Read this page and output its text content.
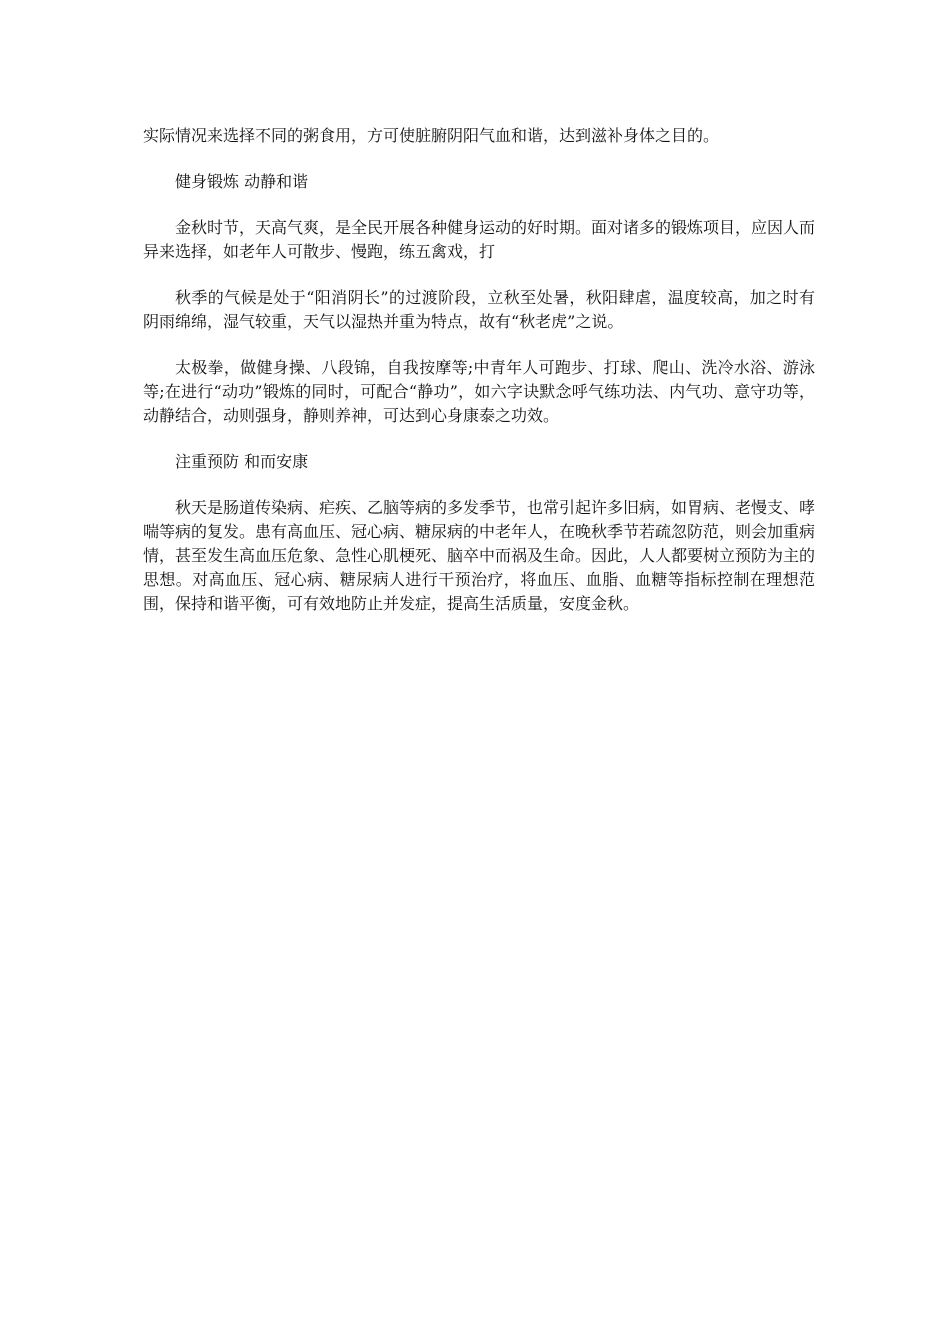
实际情况来选择不同的粥食用，方可使脏腑阴阳气血和谐，达到滋补身体之目的。

健身锻炼 动静和谐

金秋时节，天高气爽，是全民开展各种健身运动的好时期。面对诸多的锻炼项目，应因人而异来选择，如老年人可散步、慢跑，练五禽戏，打

秋季的气候是处于“阳消阴长”的过渡阶段，立秋至处暑，秋阳肆虐，温度较高，加之时有阴雨绵绵，湿气较重，天气以湿热并重为特点，故有“秋老虎”之说。

太极拳，做健身操、八段锦，自我按摩等;中青年人可跑步、打球、爬山、洗冷水浴、游泳等;在进行“动功”锻炼的同时，可配合“静功”，如六字诀默念呼气练功法、内气功、意守功等，动静结合，动则强身，静则养神，可达到心身康泰之功效。

注重预防 和而安康

秋天是肠道传染病、疟疾、乙脑等病的多发季节，也常引起许多旧病，如胃病、老慢支、哮喘等病的复发。患有高血压、冠心病、糖尿病的中老年人，在晚秋季节若疏忽防范，则会加重病情，甚至发生高血压危象、急性心肌梗死、脑卒中而祸及生命。因此，人人都要树立预防为主的思想。对高血压、冠心病、糖尿病人进行干预治疗，将血压、血脂、血糖等指标控制在理想范围，保持和谐平衡，可有效地防止并发症，提高生活质量，安度金秋。
